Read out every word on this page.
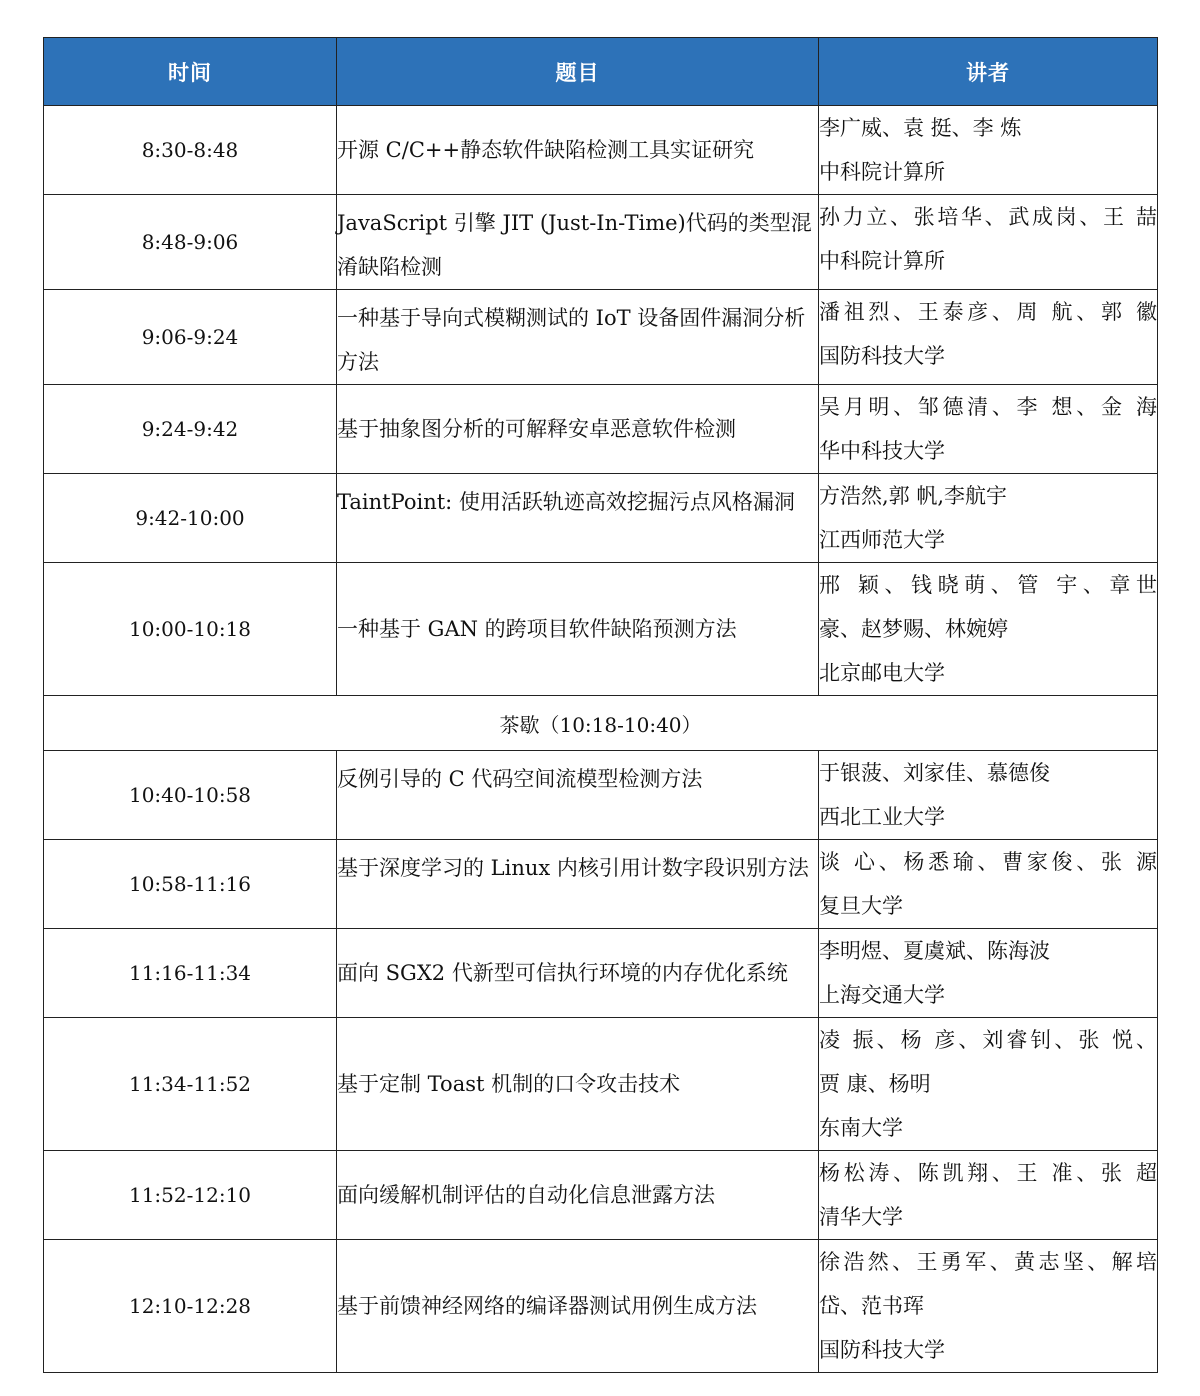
时间	题目	讲者
8:30-8:48	开源 C/C++静态软件缺陷检测工具实证研究	李广威、袁 挺、李 炼
中科院计算所

8:48-9:06	JavaScript 引擎 JIT (Just-In-Time)代码的类型混淆缺陷检测	孙力立、张培华、武成岗、王 喆
中科院计算所

9:06-9:24	一种基于导向式模糊测试的 IoT 设备固件漏洞分析方法	潘祖烈、王泰彦、周 航、郭 徽
国防科技大学

9:24-9:42	基于抽象图分析的可解释安卓恶意软件检测	吴月明、邹德清、李 想、金 海
华中科技大学

9:42-10:00	TaintPoint: 使用活跃轨迹高效挖掘污点风格漏洞	方浩然,郭 帆,李航宇
江西师范大学

10:00-10:18	一种基于 GAN 的跨项目软件缺陷预测方法	邢 颖、钱晓萌、管 宇、章世
豪、赵梦赐、林婉婷
北京邮电大学

茶歇（10:18-10:40）		
10:40-10:58	反例引导的 C 代码空间流模型检测方法	于银菠、刘家佳、慕德俊
西北工业大学

10:58-11:16	基于深度学习的 Linux 内核引用计数字段识别方法	谈 心、杨悉瑜、曹家俊、张 源
复旦大学

11:16-11:34	面向 SGX2 代新型可信执行环境的内存优化系统	李明煜、夏虞斌、陈海波
上海交通大学

11:34-11:52	基于定制 Toast 机制的口令攻击技术	凌 振、杨 彦、刘睿钊、张 悦、
贾 康、杨明
东南大学

11:52-12:10	面向缓解机制评估的自动化信息泄露方法	杨松涛、陈凯翔、王 准、张 超
清华大学

12:10-12:28	基于前馈神经网络的编译器测试用例生成方法	徐浩然、王勇军、黄志坚、解培
岱、范书珲
国防科技大学
